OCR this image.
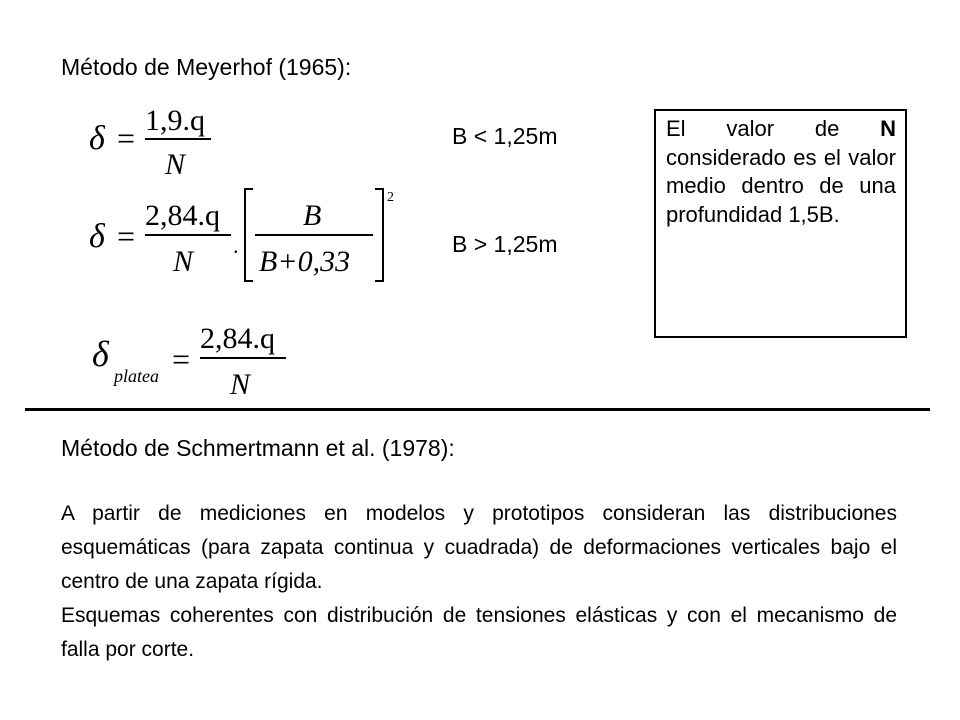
Método de Meyerhof (1965):
δ = 1,9.q
N
B < 1,25m
δ =
2,84.q
N .
B
B+0,33
2
B > 1,25m
δ
platea =
2,84.q
N
El valor de N considerado es el valor medio dentro de una profundidad 1,5B.
Método de Schmertmann et al. (1978):
A partir de mediciones en modelos y prototipos consideran las distribuciones esquemáticas (para zapata continua y cuadrada) de deformaciones verticales bajo el centro de una zapata rígida.
Esquemas coherentes con distribución de tensiones elásticas y con el mecanismo de falla por corte.
